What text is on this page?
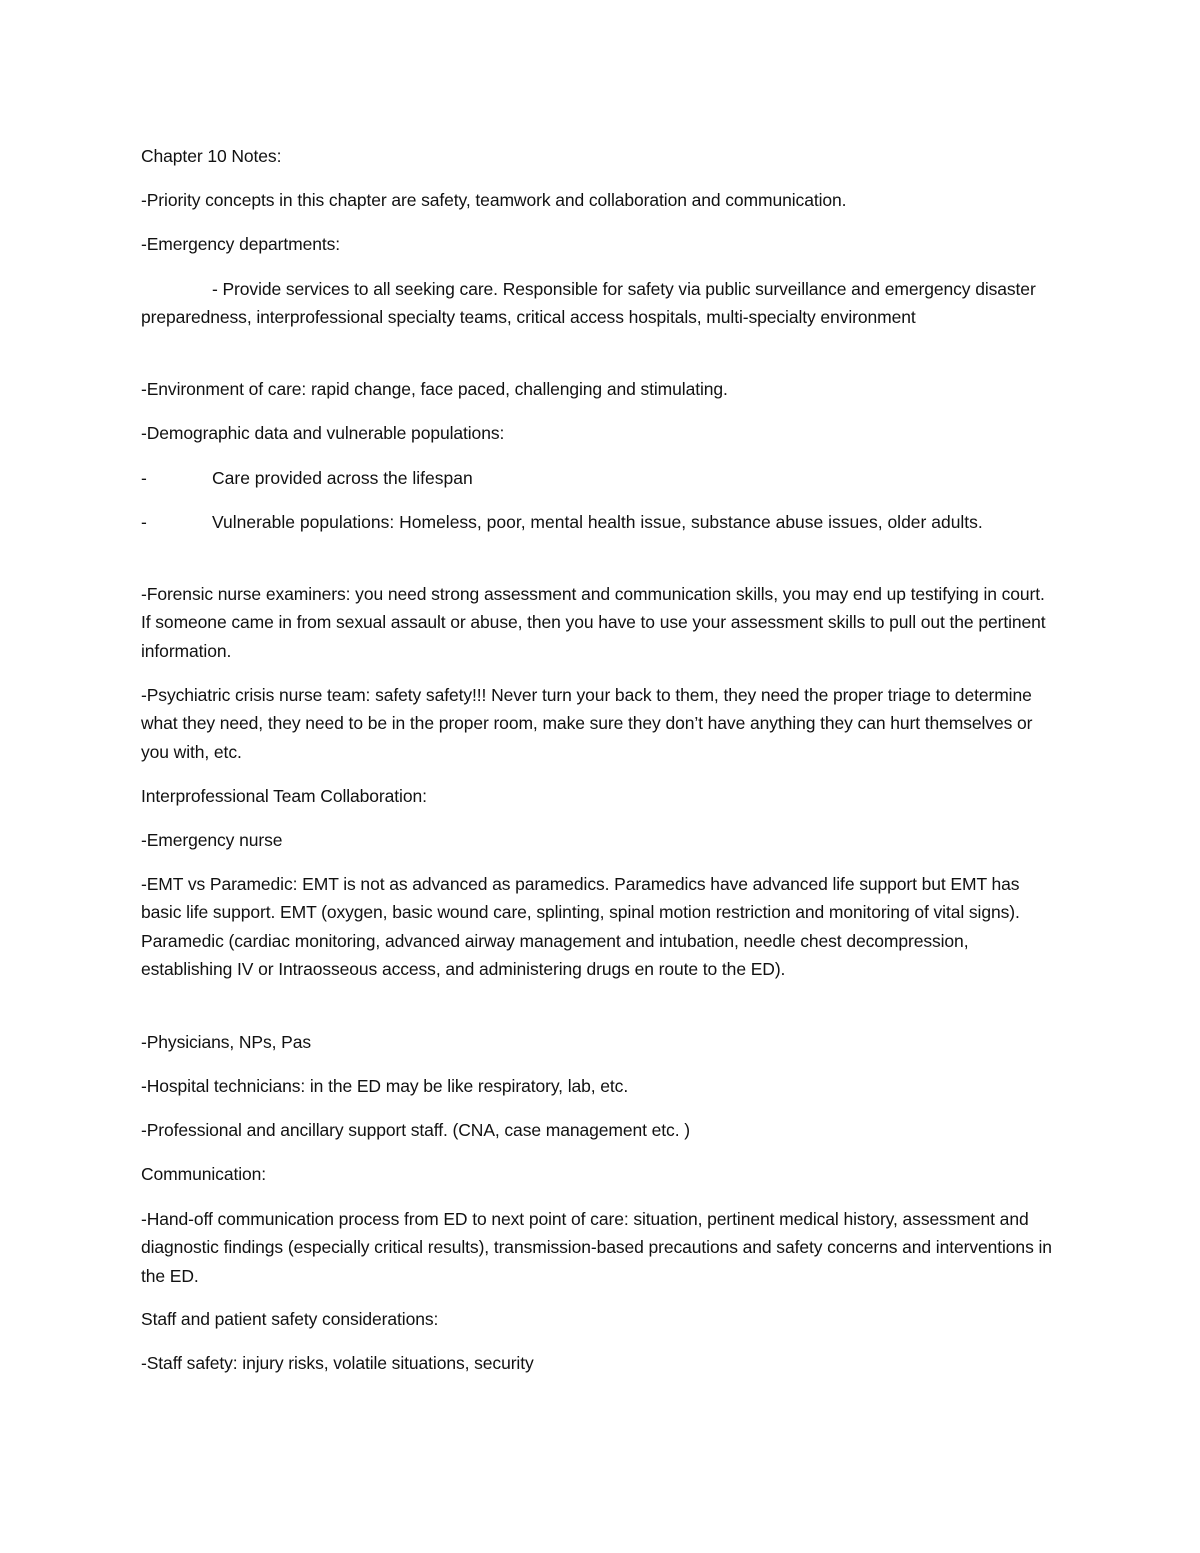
Chapter 10 Notes:

-Priority concepts in this chapter are safety, teamwork and collaboration and communication.

-Emergency departments:

- Provide services to all seeking care. Responsible for safety via public surveillance and emergency disaster preparedness, interprofessional specialty teams, critical access hospitals, multi-specialty environment

-Environment of care: rapid change, face paced, challenging and stimulating.

-Demographic data and vulnerable populations:

-	Care provided across the lifespan
-	Vulnerable populations: Homeless, poor, mental health issue, substance abuse issues, older adults.

-Forensic nurse examiners: you need strong assessment and communication skills, you may end up testifying in court. If someone came in from sexual assault or abuse, then you have to use your assessment skills to pull out the pertinent information.

-Psychiatric crisis nurse team: safety safety!!! Never turn your back to them, they need the proper triage to determine what they need, they need to be in the proper room, make sure they don’t have anything they can hurt themselves or you with, etc.

Interprofessional Team Collaboration:

-Emergency nurse

-EMT vs Paramedic: EMT is not as advanced as paramedics. Paramedics have advanced life support but EMT has basic life support. EMT (oxygen, basic wound care, splinting, spinal motion restriction and monitoring of vital signs). Paramedic (cardiac monitoring, advanced airway management and intubation, needle chest decompression, establishing IV or Intraosseous access, and administering drugs en route to the ED).

-Physicians, NPs, Pas

-Hospital technicians: in the ED may be like respiratory, lab, etc.

-Professional and ancillary support staff. (CNA, case management etc. )

Communication:

-Hand-off communication process from ED to next point of care: situation, pertinent medical history, assessment and diagnostic findings (especially critical results), transmission-based precautions and safety concerns and interventions in the ED.

Staff and patient safety considerations:

-Staff safety: injury risks, volatile situations, security
